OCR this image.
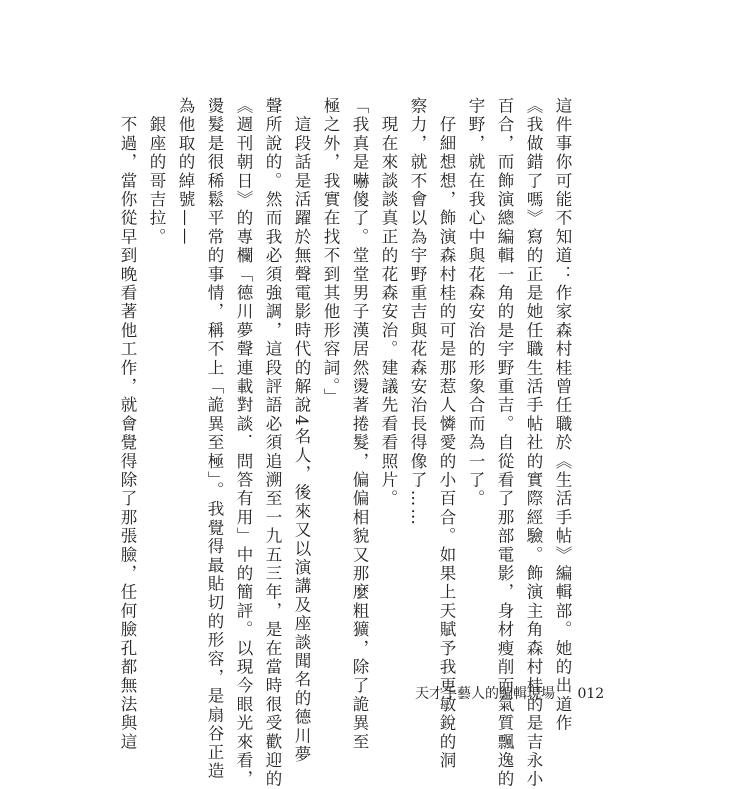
這件事你可能不知道：作家森村桂曾任職於《生活手帖》編輯部。她的出道作

《我做錯了嗎》寫的正是她任職生活手帖社的實際經驗。飾演主角森村桂的是吉永小

百合，而飾演總編輯一角的是宇野重吉。自從看了那部電影，身材瘦削而氣質飄逸的

宇野，就在我心中與花森安治的形象合而為一了。

　仔細想想，飾演森村桂的可是那惹人憐愛的小百合。如果上天賦予我更敏銳的洞

察力，就不會以為宇野重吉與花森安治長得像了……

　現在來談談真正的花森安治。建議先看看照片。

「我真是嚇傻了。堂堂男子漢居然燙著捲髮，偏偏相貌又那麼粗獷，除了詭異至

極之外，我實在找不到其他形容詞。」

　這段話是活躍於無聲電影時代的解說4名人，後來又以演講及座談聞名的德川夢

聲所說的。然而我必須強調，這段評語必須追溯至一九五三年，是在當時很受歡迎的

《週刊朝日》的專欄「德川夢聲連載對談．問答有用」中的簡評。以現今眼光來看，

燙髮是很稀鬆平常的事情，稱不上「詭異至極」。我覺得最貼切的形容，是扇谷正造

為他取的綽號——

　銀座的哥吉拉。

　不過，當你從早到晚看著他工作，就會覺得除了那張臉，任何臉孔都無法與這	天才手藝人的編輯現場 012
